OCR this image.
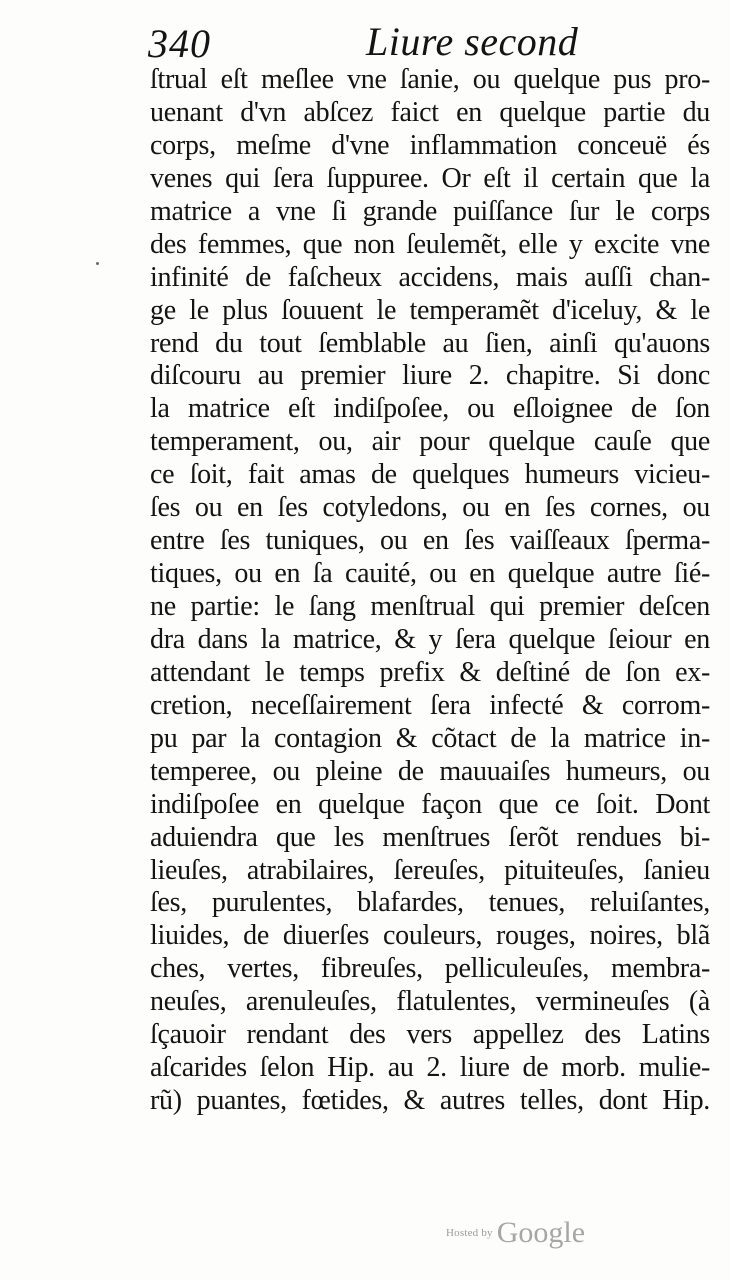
340	Liure second
ſtrual eſt meſlee vne ſanie, ou quelque pus pro-
uenant d'vn abſcez faict en quelque partie du
corps, meſme d'vne inflammation conceuë és
venes qui ſera ſuppuree. Or eſt il certain que la
matrice a vne ſi grande puiſſance ſur le corps
des femmes, que non ſeulemẽt, elle y excite vne
infinité de faſcheux accidens, mais auſſi chan-
ge le plus ſouuent le temperamẽt d'iceluy, & le
rend du tout ſemblable au ſien, ainſi qu'auons
diſcouru au premier liure 2. chapitre. Si donc
la matrice eſt indiſpoſee, ou eſloignee de ſon
temperament, ou, air pour quelque cauſe que
ce ſoit, fait amas de quelques humeurs vicieu-
ſes ou en ſes cotyledons, ou en ſes cornes, ou
entre ſes tuniques, ou en ſes vaiſſeaux ſperma-
tiques, ou en ſa cauité, ou en quelque autre ſié-
ne partie: le ſang menſtrual qui premier deſcen
dra dans la matrice, & y ſera quelque ſeiour en
attendant le temps prefix & deſtiné de ſon ex-
cretion, neceſſairement ſera infecté & corrom-
pu par la contagion & cõtact de la matrice in-
temperee, ou pleine de mauuaiſes humeurs, ou
indiſpoſee en quelque façon que ce ſoit. Dont
aduiendra que les menſtrues ſerõt rendues bi-
lieuſes, atrabilaires, ſereuſes, pituiteuſes, ſanieu
ſes, purulentes, blafardes, tenues, reluiſantes,
liuides, de diuerſes couleurs, rouges, noires, blã
ches, vertes, fibreuſes, pelliculeuſes, membra-
neuſes, arenuleuſes, flatulentes, vermineuſes (à
ſçauoir rendant des vers appellez des Latins
aſcarides ſelon Hip. au 2. liure de morb. mulie-
rũ) puantes, fœtides, & autres telles, dont Hip.
Hosted by Google
